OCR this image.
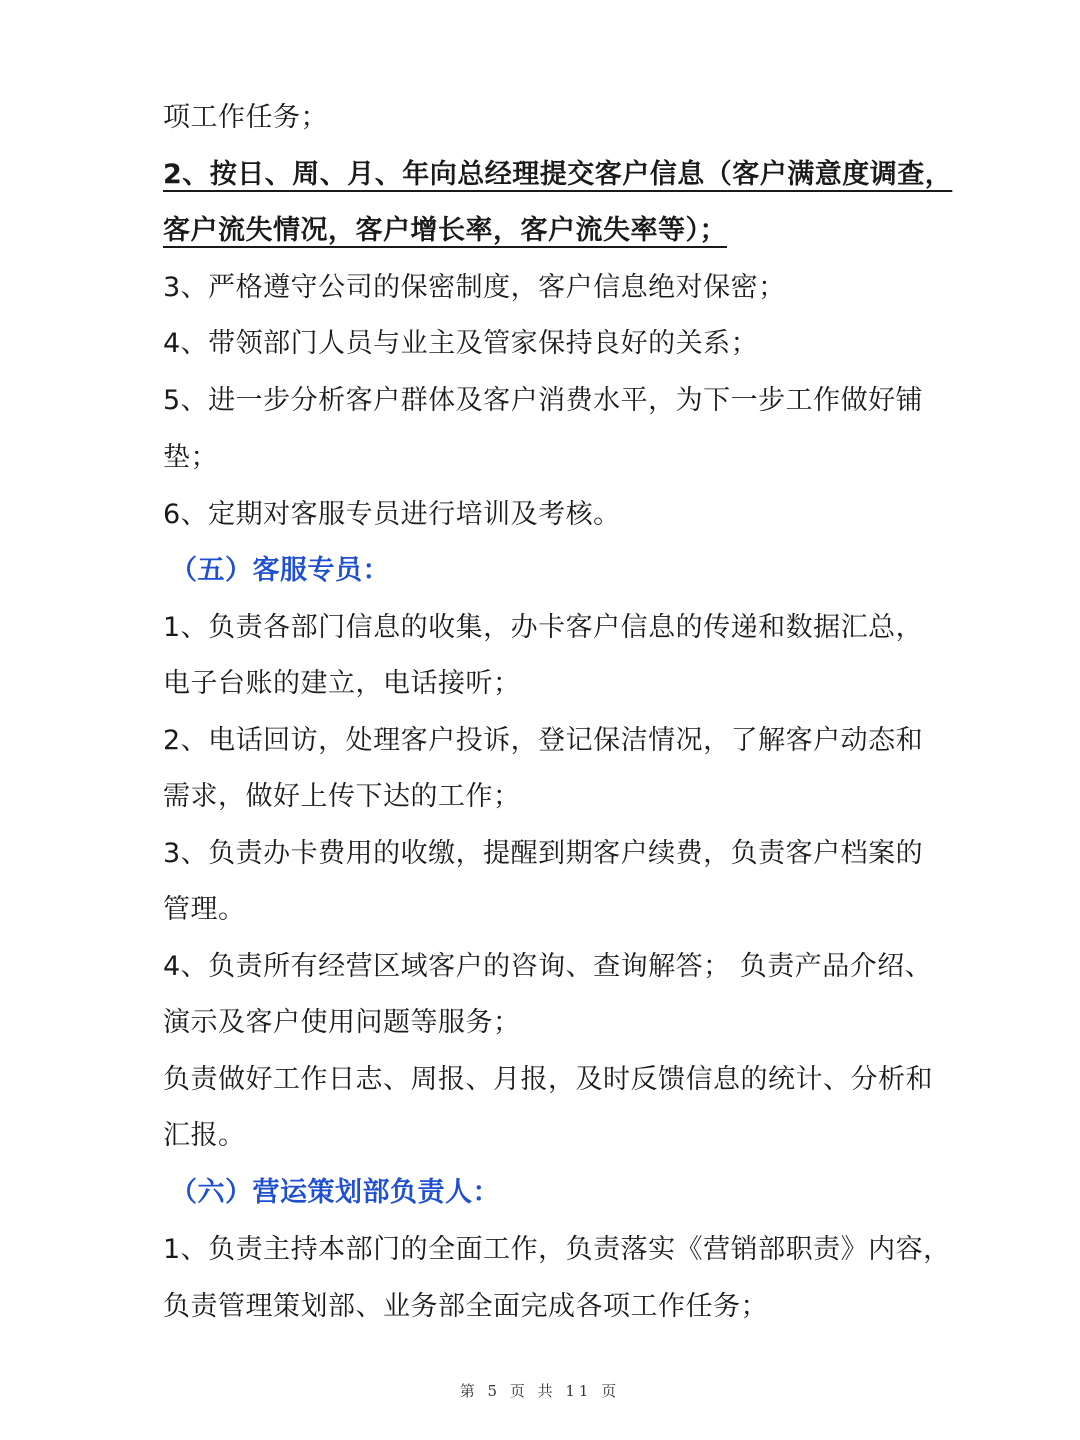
项工作任务；
2、按日、周、月、年向总经理提交客户信息（客户满意度调查，
客户流失情况，客户增长率，客户流失率等）；
3、严格遵守公司的保密制度，客户信息绝对保密；
4、带领部门人员与业主及管家保持良好的关系；
5、进一步分析客户群体及客户消费水平，为下一步工作做好铺
垫；
6、定期对客服专员进行培训及考核。
（五）客服专员：
1、负责各部门信息的收集，办卡客户信息的传递和数据汇总，
电子台账的建立，电话接听；
2、电话回访，处理客户投诉，登记保洁情况，了解客户动态和
需求，做好上传下达的工作；
3、负责办卡费用的收缴，提醒到期客户续费，负责客户档案的
管理。
4、负责所有经营区域客户的咨询、查询解答； 负责产品介绍、
演示及客户使用问题等服务；
负责做好工作日志、周报、月报，及时反馈信息的统计、分析和
汇报。
（六）营运策划部负责人：
1、负责主持本部门的全面工作，负责落实《营销部职责》内容，
负责管理策划部、业务部全面完成各项工作任务；
第 5 页 共 11 页
